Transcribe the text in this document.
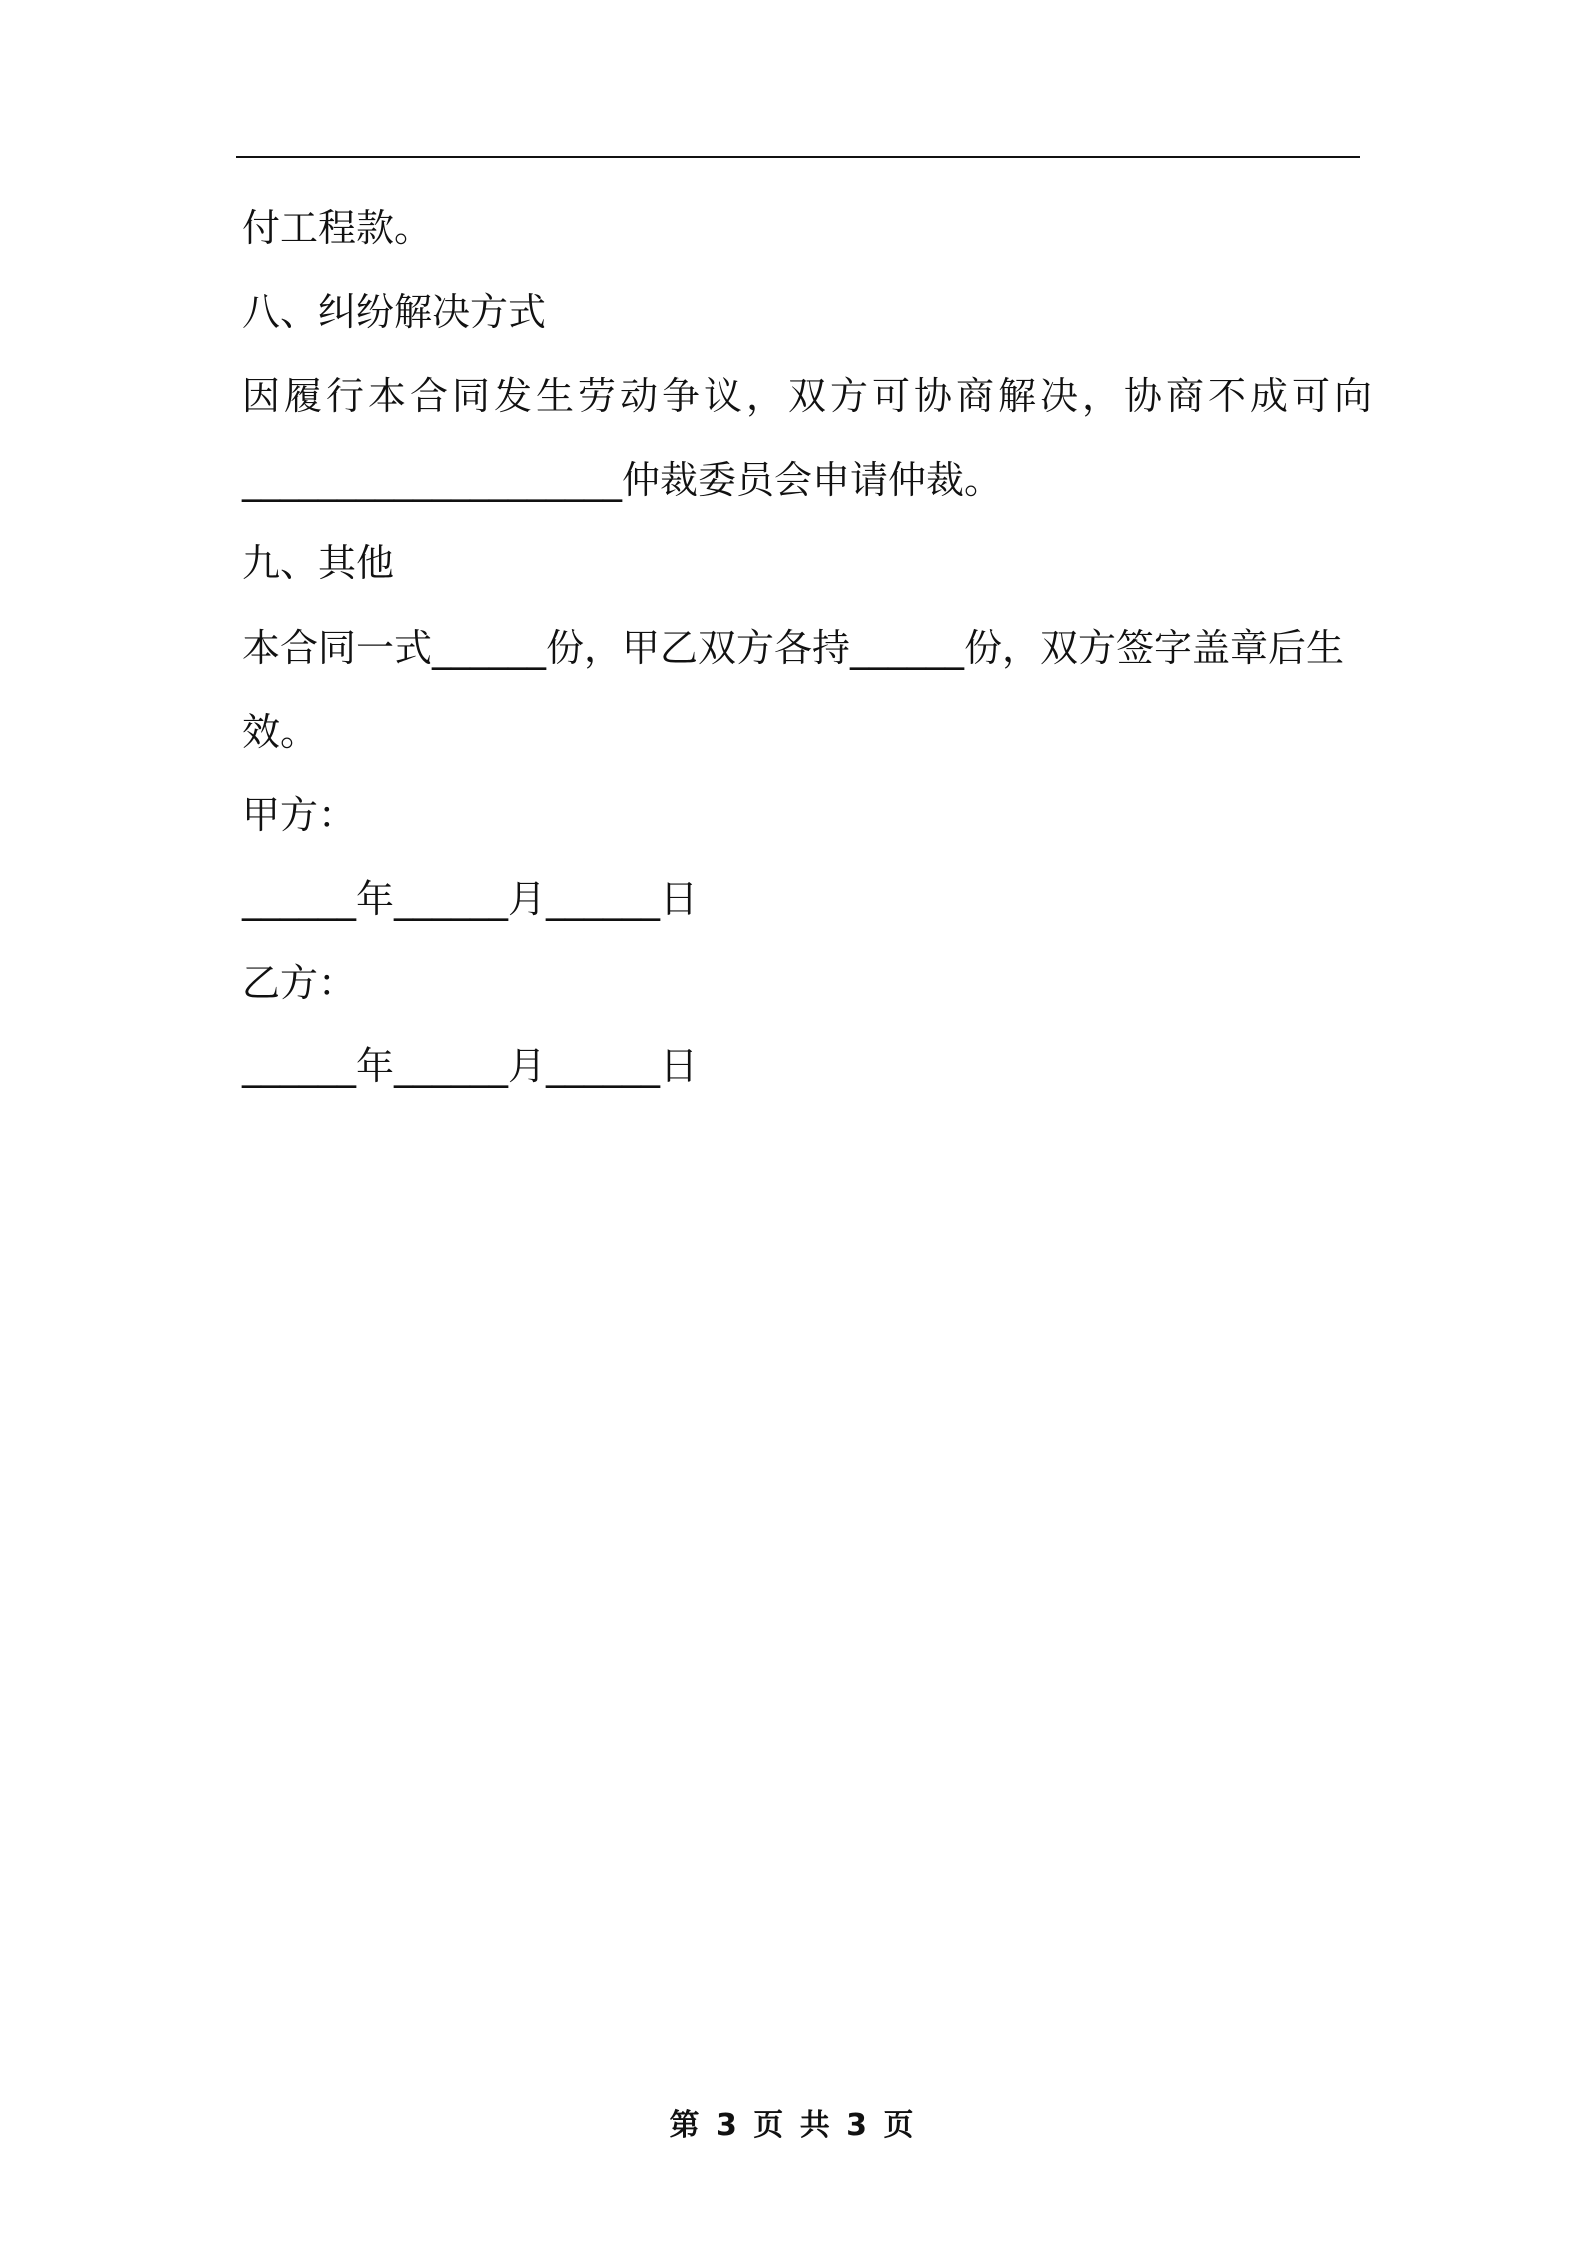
付工程款。

八、纠纷解决方式

因履行本合同发生劳动争议，双方可协商解决，协商不成可向

____________________仲裁委员会申请仲裁。

九、其他

本合同一式______份，甲乙双方各持______份，双方签字盖章后生

效。

甲方：

______年______月______日

乙方：

______年______月______日

第 3 页 共 3 页
